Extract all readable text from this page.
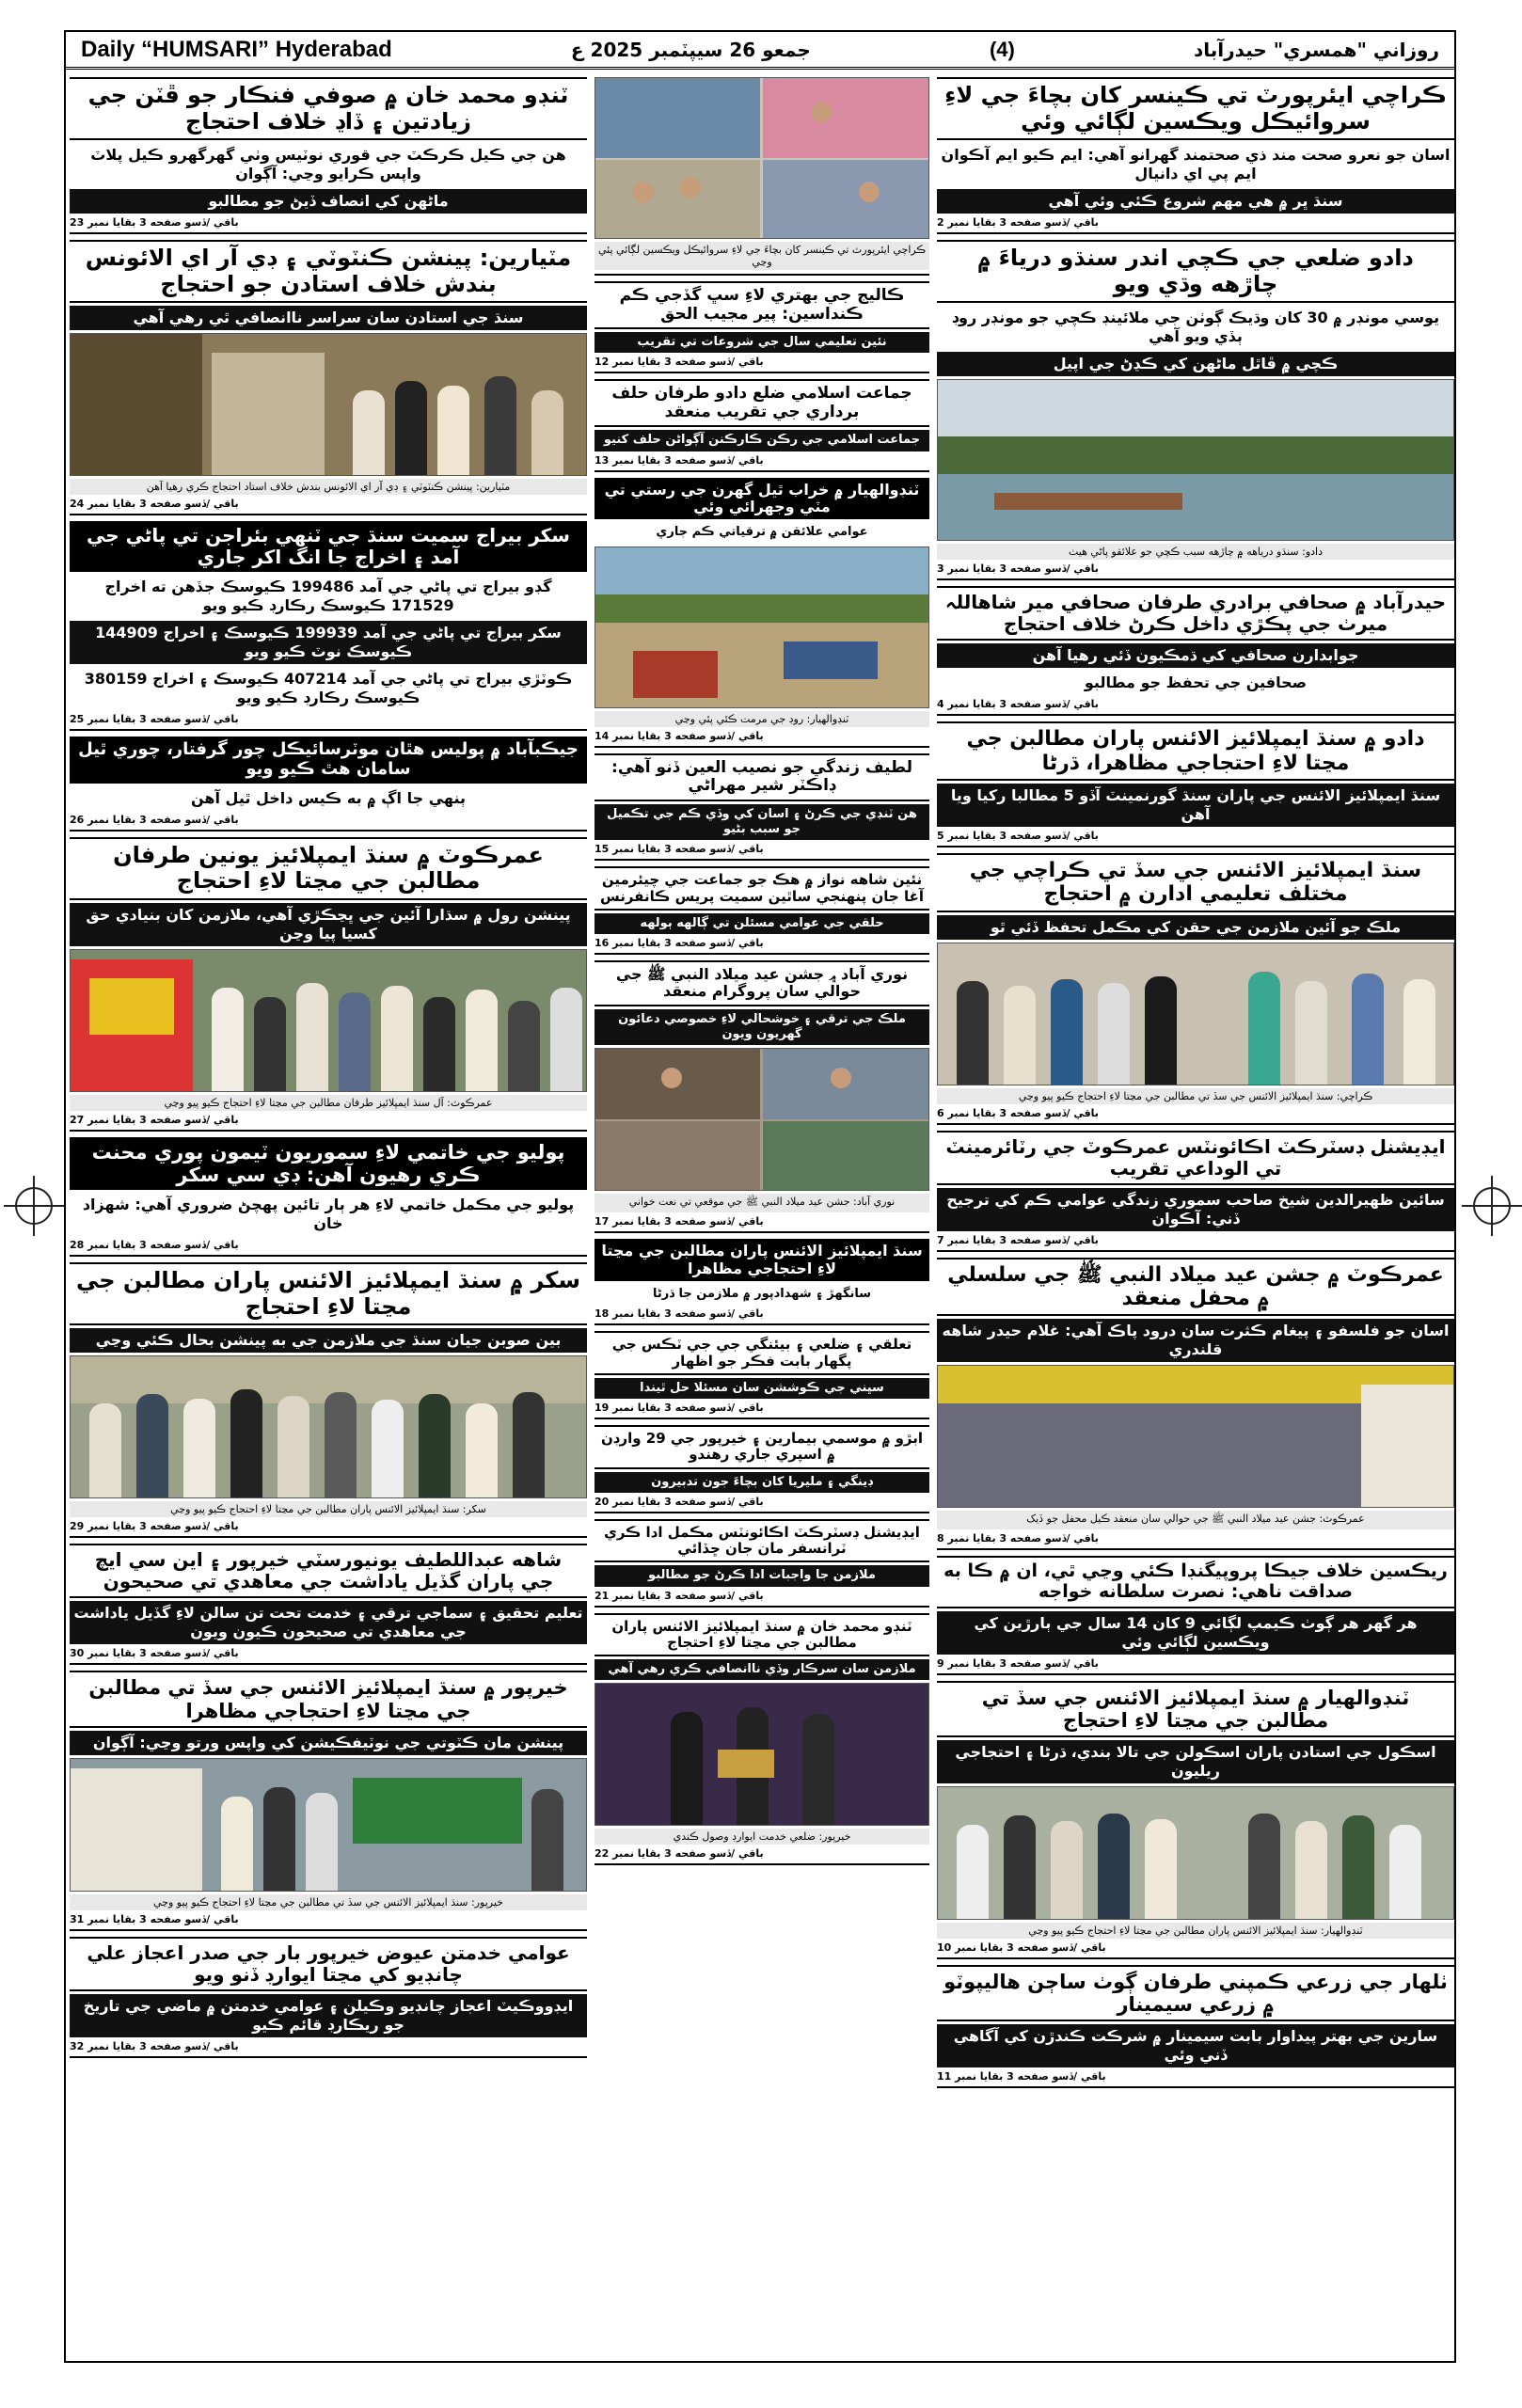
Daily “HUMSARI” Hyderabad	جمعو 26 سيپٽمبر 2025 ع	(4)	روزاني "همسري" حيدرآباد
ٽنڊو محمد خان ۾ صوفي فنڪار جو ڦٽن جي زيادتين ۽ ڏاڍ خلاف احتجاج
هن جي ڪيل ڪرڪٽ جي قوري نوٽيس وٺي گهرگهرو ڪيل پلاٽ واپس ڪرايو وڃي: آڳوان
ماڻهن کي انصاف ڏيڻ جو مطالبو
باقي /ڏسو صفحه 3 بقايا نمبر 23
مٽيارين: پينشن ڪنٽوٽي ۽ ڊي آر اي الائونس بندش خلاف استادن جو احتجاج
سنڌ جي استادن سان سراسر ناانصافي ٿي رهي آهي
مٽيارين: پينشن ڪنٽوٽي ۽ ڊي آر اي الائونس بندش خلاف استاد احتجاج ڪري رهيا آهن
باقي /ڏسو صفحه 3 بقايا نمبر 24
سکر بيراج سميت سنڌ جي ٽنهي بئراجن تي پاڻي جي آمد ۽ اخراج جا انگ اکر جاري
گڊو بيراج تي پاڻي جي آمد 199486 ڪيوسڪ جڏهن ته اخراج 171529 ڪيوسڪ رڪارڊ ڪيو ويو
سکر بيراج تي پاڻي جي آمد 199939 ڪيوسڪ ۽ اخراج 144909 ڪيوسڪ نوٽ ڪيو ويو
ڪوٽڙي بيراج تي پاڻي جي آمد 407214 ڪيوسڪ ۽ اخراج 380159 ڪيوسڪ رڪارڊ ڪيو ويو
باقي /ڏسو صفحه 3 بقايا نمبر 25
جيڪبآباد ۾ پوليس هٿان موٽرسائيڪل چور گرفتار، چوري ٿيل سامان هٿ ڪيو ويو
ٻنهي جا اڳ ۾ به ڪيس داخل ٿيل آهن
باقي /ڏسو صفحه 3 بقايا نمبر 26
عمرڪوٽ ۾ سنڌ ايمپلائيز يونين طرفان مطالبن جي مڃتا لاءِ احتجاج
پينشن رول ۾ سڌارا آئين جي ڀڃڪڙي آهي، ملازمن کان بنيادي حق کسيا پيا وڃن
عمرڪوٽ: آل سنڌ ايمپلائيز طرفان مطالبن جي مڃتا لاءِ احتجاج ڪيو پيو وڃي
باقي /ڏسو صفحه 3 بقايا نمبر 27
پوليو جي خاتمي لاءِ سموريون ٽيمون پوري محنت ڪري رهيون آهن: ڊي سي سکر
پوليو جي مڪمل خاتمي لاءِ هر ٻار تائين پهچڻ ضروري آهي: شهزاد خان
باقي /ڏسو صفحه 3 بقايا نمبر 28
سکر ۾ سنڌ ايمپلائيز الائنس پاران مطالبن جي مڃتا لاءِ احتجاج
بين صوبن جيان سنڌ جي ملازمن جي به پينشن بحال ڪئي وڃي
سکر: سنڌ ايمپلائيز الائنس پاران مطالبن جي مڃتا لاءِ احتجاج ڪيو پيو وڃي
باقي /ڏسو صفحه 3 بقايا نمبر 29
شاهه عبداللطيف يونيورسٽي خيرپور ۽ اين سي ايچ جي پاران گڏيل ياداشت جي معاهدي تي صحيحون
تعليم تحقيق ۽ سماجي ترقي ۽ خدمت تحت تن سالن لاءِ گڏيل ياداشت جي معاهدي تي صحيحون ڪيون ويون
باقي /ڏسو صفحه 3 بقايا نمبر 30
خيرپور ۾ سنڌ ايمپلائيز الائنس جي سڏ تي مطالبن جي مڃتا لاءِ احتجاجي مظاهرا
پينشن مان ڪٽوتي جي نوٽيفڪيشن کي واپس ورتو وڃي: آڳوان
خيرپور: سنڌ ايمپلائيز الائنس جي سڏ تي مطالبن جي مڃتا لاءِ احتجاج ڪيو پيو وڃي
باقي /ڏسو صفحه 3 بقايا نمبر 31
عوامي خدمتن عيوض خيرپور بار جي صدر اعجاز علي چانڊيو کي مڃتا ايوارڊ ڏنو ويو
ايڊووڪيٽ اعجاز چانڊيو وڪيلن ۽ عوامي خدمتن ۾ ماضي جي تاريخ جو ريڪارڊ قائم ڪيو
باقي /ڏسو صفحه 3 بقايا نمبر 32
ڪراچي ايئرپورٽ تي ڪينسر کان بچاءَ جي لاءِ سروائيڪل ويڪسين لڳائي پئي وڃي
ڪاليج جي بهتري لاءِ سڀ گڏجي ڪم ڪنداسين: پير مجيب الحق
نئين تعليمي سال جي شروعات تي تقريب
باقي /ڏسو صفحه 3 بقايا نمبر 12
جماعت اسلامي ضلع دادو طرفان حلف برداري جي تقريب منعقد
جماعت اسلامي جي رڪن ڪارڪنن آڳواڻن حلف کنيو
باقي /ڏسو صفحه 3 بقايا نمبر 13
ٽنڊوالهيار ۾ خراب ٿيل گهرن جي رستي تي مٽي وجهرائي وئي
عوامي علائقن ۾ ترقياتي ڪم جاري
ٽنڊوالهيار: روڊ جي مرمت ڪئي پئي وڃي
باقي /ڏسو صفحه 3 بقايا نمبر 14
لطيف زندگي جو نصيب العين ڏنو آهي: ڊاڪٽر شير مهراڻي
هن ٽنڊي جي ڪرڻ ۽ اسان کي وڏي ڪم جي تڪميل جو سبب بڻيو
باقي /ڏسو صفحه 3 بقايا نمبر 15
نئين شاهه نواز ۾ هڪ جو جماعت جي چيئرمين آغا جان پنهنجي ساٿين سميت پريس ڪانفرنس
حلقي جي عوامي مسئلن تي ڳالهه ٻولهه
باقي /ڏسو صفحه 3 بقايا نمبر 16
نوري آباد ۾ جشن عيد ميلاد النبي ﷺ جي حوالي سان پروگرام منعقد
ملڪ جي ترقي ۽ خوشحالي لاءِ خصوصي دعائون گهريون ويون
نوري آباد: جشن عيد ميلاد النبي ﷺ جي موقعي تي نعت خواني
باقي /ڏسو صفحه 3 بقايا نمبر 17
سنڌ ايمپلائيز الائنس پاران مطالبن جي مڃتا لاءِ احتجاجي مظاهرا
سانگهڙ ۽ شهدادپور ۾ ملازمن جا ڌرڻا
باقي /ڏسو صفحه 3 بقايا نمبر 18
تعلقي ۽ ضلعي ۽ بيئنگي جي جي ٽڪس جي پگهار بابت فڪر جو اظهار
سڀني جي ڪوششن سان مسئلا حل ٿيندا
باقي /ڏسو صفحه 3 بقايا نمبر 19
ابڙو ۾ موسمي بيمارين ۽ خيرپور جي 29 وارڊن ۾ اسپري جاري رهندو
ڊينگي ۽ مليريا کان بچاءَ جون تدبيرون
باقي /ڏسو صفحه 3 بقايا نمبر 20
ايڊيشنل ڊسٽرڪٽ اڪائونٽس مڪمل ادا ڪري ٽرانسفر مان جان ڇڏائي
ملازمن جا واجبات ادا ڪرڻ جو مطالبو
باقي /ڏسو صفحه 3 بقايا نمبر 21
ٽنڊو محمد خان ۾ سنڌ ايمپلائيز الائنس پاران مطالبن جي مڃتا لاءِ احتجاج
ملازمن سان سرڪار وڏي ناانصافي ڪري رهي آهي
خيرپور: ضلعي خدمت ايوارڊ وصول ڪندي
باقي /ڏسو صفحه 3 بقايا نمبر 22
ڪراچي ايئرپورٽ تي ڪينسر کان بچاءَ جي لاءِ سروائيڪل ويڪسين لڳائي وئي
اسان جو نعرو صحت مند ذي صحتمند گهرانو آهي: ايم ڪيو ايم آڪوان ايم پي اي دانيال
سنڌ ڀر ۾ هي مهم شروع ڪئي وئي آهي
باقي /ڏسو صفحه 3 بقايا نمبر 2
دادو ضلعي جي ڪچي اندر سنڌو درياءَ ۾ چاڙهه وڌي ويو
يوسي مونڊر ۾ 30 کان وڌيڪ ڳوٺن جي ملائينڊ ڪچي جو مونڊر روڊ ٻڏي ويو آهي
ڪچي ۾ ڦاٿل ماڻهن کي ڪڍڻ جي اپيل
دادو: سنڌو درياهه ۾ چاڙهه سبب ڪچي جو علائقو پاڻي هيٺ
باقي /ڏسو صفحه 3 بقايا نمبر 3
حيدرآباد ۾ صحافي برادري طرفان صحافي مير شاهاللہ ميرٺ جي پڪڙي داخل ڪرڻ خلاف احتجاج
جوابدارن صحافي کي ڌمڪيون ڏئي رهيا آهن
صحافين جي تحفظ جو مطالبو
باقي /ڏسو صفحه 3 بقايا نمبر 4
دادو ۾ سنڌ ايمپلائيز الائنس پاران مطالبن جي مڃتا لاءِ احتجاجي مظاهرا، ڌرڻا
سنڌ ايمپلائيز الائنس جي پاران سنڌ گورنمينٽ آڏو 5 مطالبا رکيا ويا آهن
باقي /ڏسو صفحه 3 بقايا نمبر 5
سنڌ ايمپلائيز الائنس جي سڏ تي ڪراچي جي مختلف تعليمي ادارن ۾ احتجاج
ملڪ جو آئين ملازمن جي حقن کي مڪمل تحفظ ڏئي ٿو
ڪراچي: سنڌ ايمپلائيز الائنس جي سڏ تي مطالبن جي مڃتا لاءِ احتجاج ڪيو پيو وڃي
باقي /ڏسو صفحه 3 بقايا نمبر 6
ايڊيشنل ڊسٽرڪٽ اڪائونٽس عمرڪوٽ جي رٽائرمينٽ تي الوداعي تقريب
سائين ظهيرالدين شيخ صاحب سموري زندگي عوامي ڪم کي ترجيح ڏني: آڪوان
باقي /ڏسو صفحه 3 بقايا نمبر 7
عمرڪوٽ ۾ جشن عيد ميلاد النبي ﷺ جي سلسلي ۾ محفل منعقد
اسان جو فلسفو ۽ پيغام ڪثرت سان درود پاڪ آهي: غلام حيدر شاهه قلندري
عمرڪوٽ: جشن عيد ميلاد النبي ﷺ جي حوالي سان منعقد ڪيل محفل جو ڏيک
باقي /ڏسو صفحه 3 بقايا نمبر 8
ريڪسين خلاف جيڪا پروپيگنڊا ڪئي وڃي ٿي، ان ۾ ڪا به صداقت ناهي: نصرت سلطانه خواجه
هر گهر هر ڳوٺ ڪيمپ لڳائي 9 کان 14 سال جي ٻارڙين کي ويڪسين لڳائي وئي
باقي /ڏسو صفحه 3 بقايا نمبر 9
ٽنڊوالهيار ۾ سنڌ ايمپلائيز الائنس جي سڏ تي مطالبن جي مڃتا لاءِ احتجاج
اسڪول جي استادن پاران اسڪولن جي تالا بندي، ڌرڻا ۽ احتجاجي ريليون
ٽنڊوالهيار: سنڌ ايمپلائيز الائنس پاران مطالبن جي مڃتا لاءِ احتجاج ڪيو پيو وڃي
باقي /ڏسو صفحه 3 بقايا نمبر 10
ٺلهار جي زرعي ڪمپني طرفان ڳوٺ ساڄن هاليپوٽو ۾ زرعي سيمينار
سارين جي بهتر پيداوار بابت سيمينار ۾ شرڪت ڪندڙن کي آگاهي ڏني وئي
باقي /ڏسو صفحه 3 بقايا نمبر 11
